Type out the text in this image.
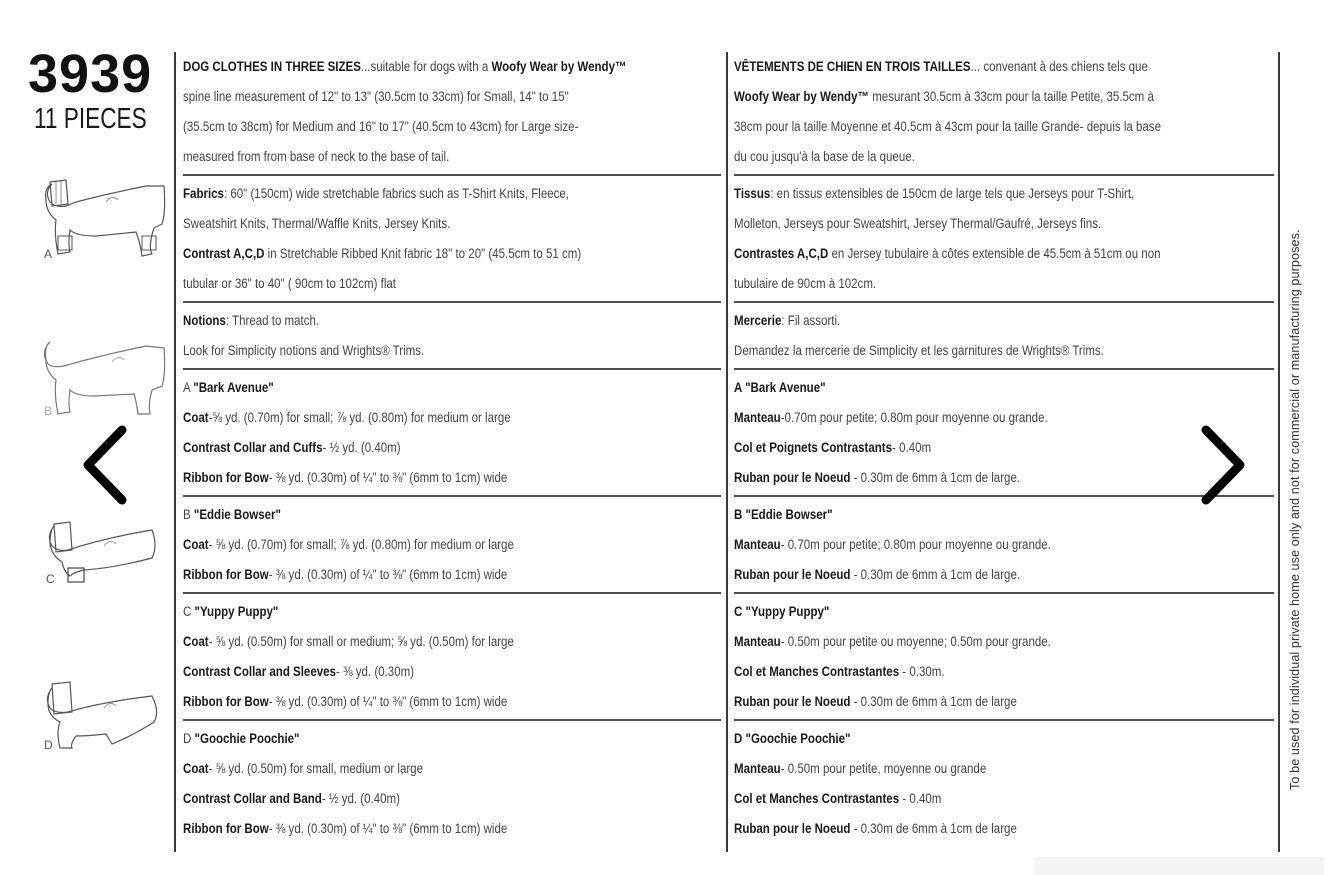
3939
11 PIECES
A
B
C
D
DOG CLOTHES IN THREE SIZES...suitable for dogs with a Woofy Wear by Wendy™
spine line measurement of 12" to 13" (30.5cm to 33cm) for Small, 14" to 15"
(35.5cm to 38cm) for Medium and 16" to 17" (40.5cm to 43cm) for Large size-
measured from from base of neck to the base of tail.
Fabrics: 60" (150cm) wide stretchable fabrics such as T-Shirt Knits, Fleece,
Sweatshirt Knits, Thermal/Waffle Knits, Jersey Knits.
Contrast A,C,D in Stretchable Ribbed Knit fabric 18" to 20" (45.5cm to 51 cm)
tubular or 36" to 40" ( 90cm to 102cm) flat
Notions: Thread to match.
Look for Simplicity notions and Wrights® Trims.
A "Bark Avenue"
Coat-⅝ yd. (0.70m) for small; ⅞ yd. (0.80m) for medium or large
Contrast Collar and Cuffs- ½ yd. (0.40m)
Ribbon for Bow- ⅜ yd. (0.30m) of ¼" to ⅜" (6mm to 1cm) wide
B "Eddie Bowser"
Coat- ⅝ yd. (0.70m) for small; ⅞ yd. (0.80m) for medium or large
Ribbon for Bow- ⅜ yd. (0.30m) of ¼" to ⅜" (6mm to 1cm) wide
C "Yuppy Puppy"
Coat- ⅝ yd. (0.50m) for small or medium; ⅝ yd. (0.50m) for large
Contrast Collar and Sleeves- ⅜ yd. (0.30m)
Ribbon for Bow- ⅜ yd. (0.30m) of ¼" to ⅜" (6mm to 1cm) wide
D "Goochie Poochie"
Coat- ⅝ yd. (0.50m) for small, medium or large
Contrast Collar and Band- ½ yd. (0.40m)
Ribbon for Bow- ⅜ yd. (0.30m) of ¼" to ⅜" (6mm to 1cm) wide
VÊTEMENTS DE CHIEN EN TROIS TAILLES... convenant à des chiens tels que
Woofy Wear by Wendy™ mesurant 30.5cm à 33cm pour la taille Petite, 35.5cm à
38cm pour la taille Moyenne et 40.5cm à 43cm pour la taille Grande- depuis la base
du cou jusqu'à la base de la queue.
Tissus: en tissus extensibles de 150cm de large tels que Jerseys pour T-Shirt,
Molleton, Jerseys pour Sweatshirt, Jersey Thermal/Gaufré, Jerseys fins.
Contrastes A,C,D en Jersey tubulaire à côtes extensible de 45.5cm à 51cm ou non
tubulaire de 90cm à 102cm.
Mercerie: Fil assorti.
Demandez la mercerie de Simplicity et les garnitures de Wrights® Trims.
A "Bark Avenue"
Manteau-0.70m pour petite; 0.80m pour moyenne ou grande.
Col et Poignets Contrastants- 0.40m
Ruban pour le Noeud - 0.30m de 6mm à 1cm de large.
B "Eddie Bowser"
Manteau- 0.70m pour petite; 0.80m pour moyenne ou grande.
Ruban pour le Noeud - 0.30m de 6mm à 1cm de large.
C "Yuppy Puppy"
Manteau- 0.50m pour petite ou moyenne; 0.50m pour grande.
Col et Manches Contrastantes - 0.30m.
Ruban pour le Noeud - 0.30m de 6mm à 1cm de large
D "Goochie Poochie"
Manteau- 0.50m pour petite, moyenne ou grande
Col et Manches Contrastantes - 0.40m
Ruban pour le Noeud - 0.30m de 6mm à 1cm de large
To be used for individual private home use only and not for commercial or manufacturing purposes.
